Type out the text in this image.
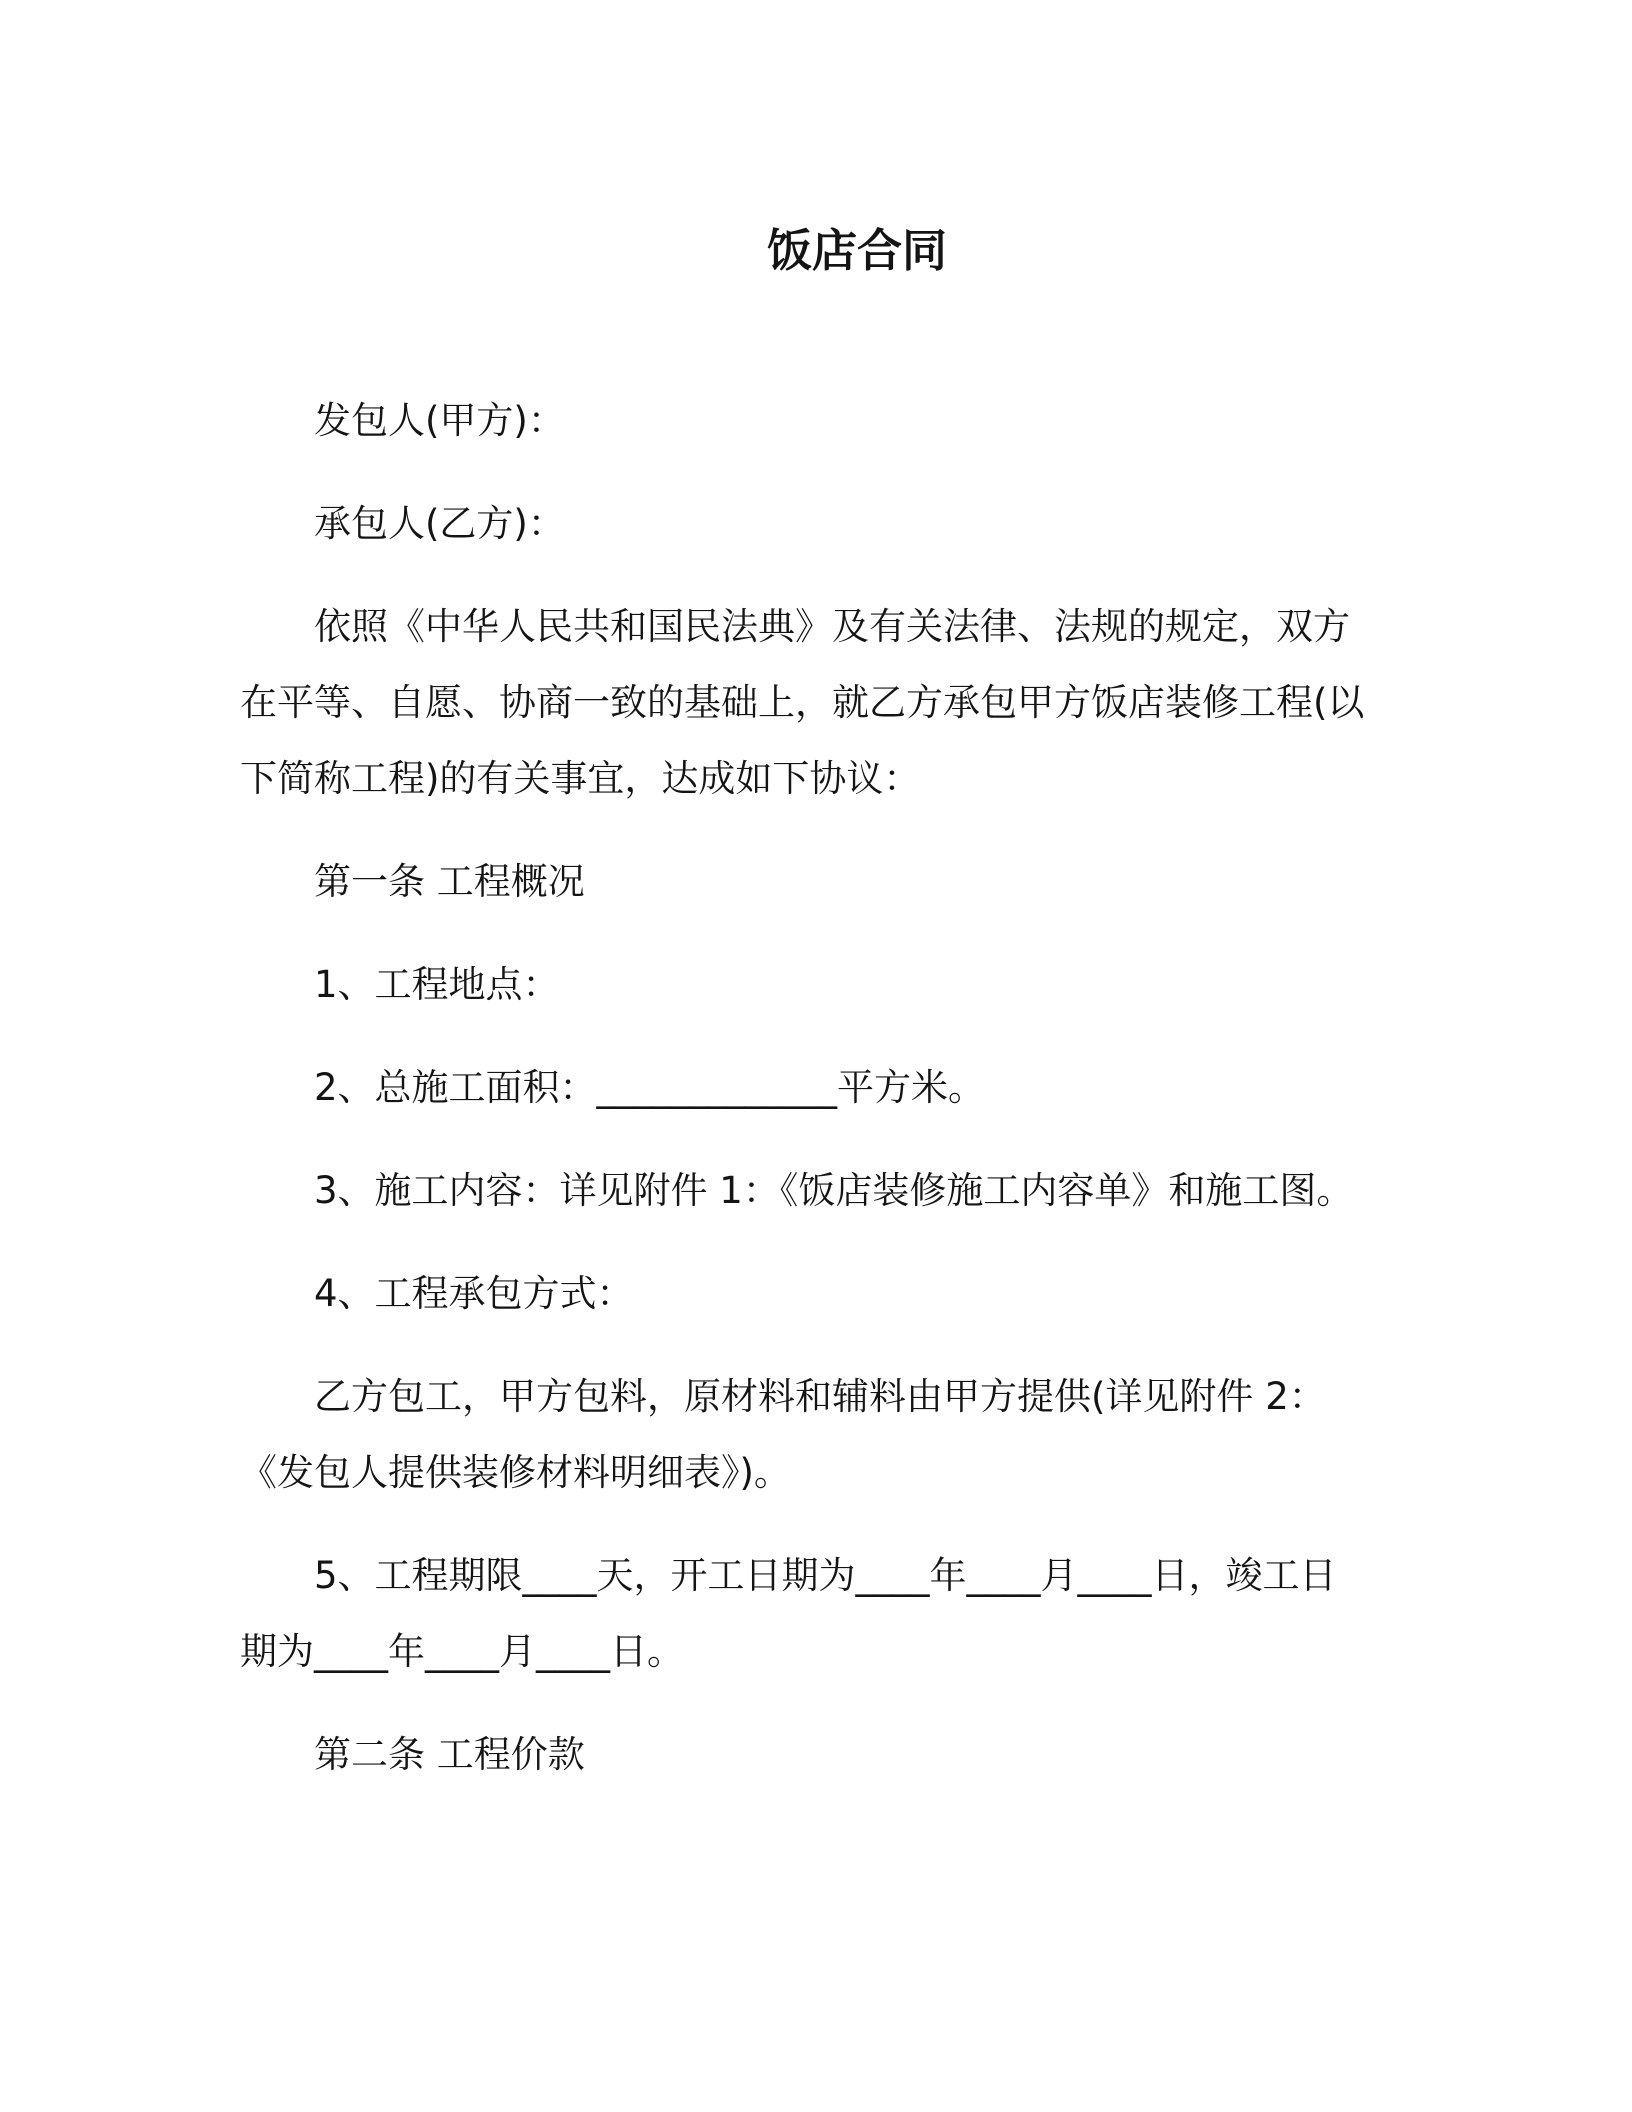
饭店合同
发包人(甲方)：
承包人(乙方)：
依照《中华人民共和国民法典》及有关法律、法规的规定，双方
在平等、自愿、协商一致的基础上，就乙方承包甲方饭店装修工程(以
下简称工程)的有关事宜，达成如下协议：
第一条 工程概况
1、工程地点：
2、总施工面积：_____________平方米。
3、施工内容：详见附件 1：《饭店装修施工内容单》和施工图。
4、工程承包方式：
乙方包工，甲方包料，原材料和辅料由甲方提供(详见附件 2：
《发包人提供装修材料明细表》)。
5、工程期限____天，开工日期为____年____月____日，竣工日
期为____年____月____日。
第二条 工程价款
